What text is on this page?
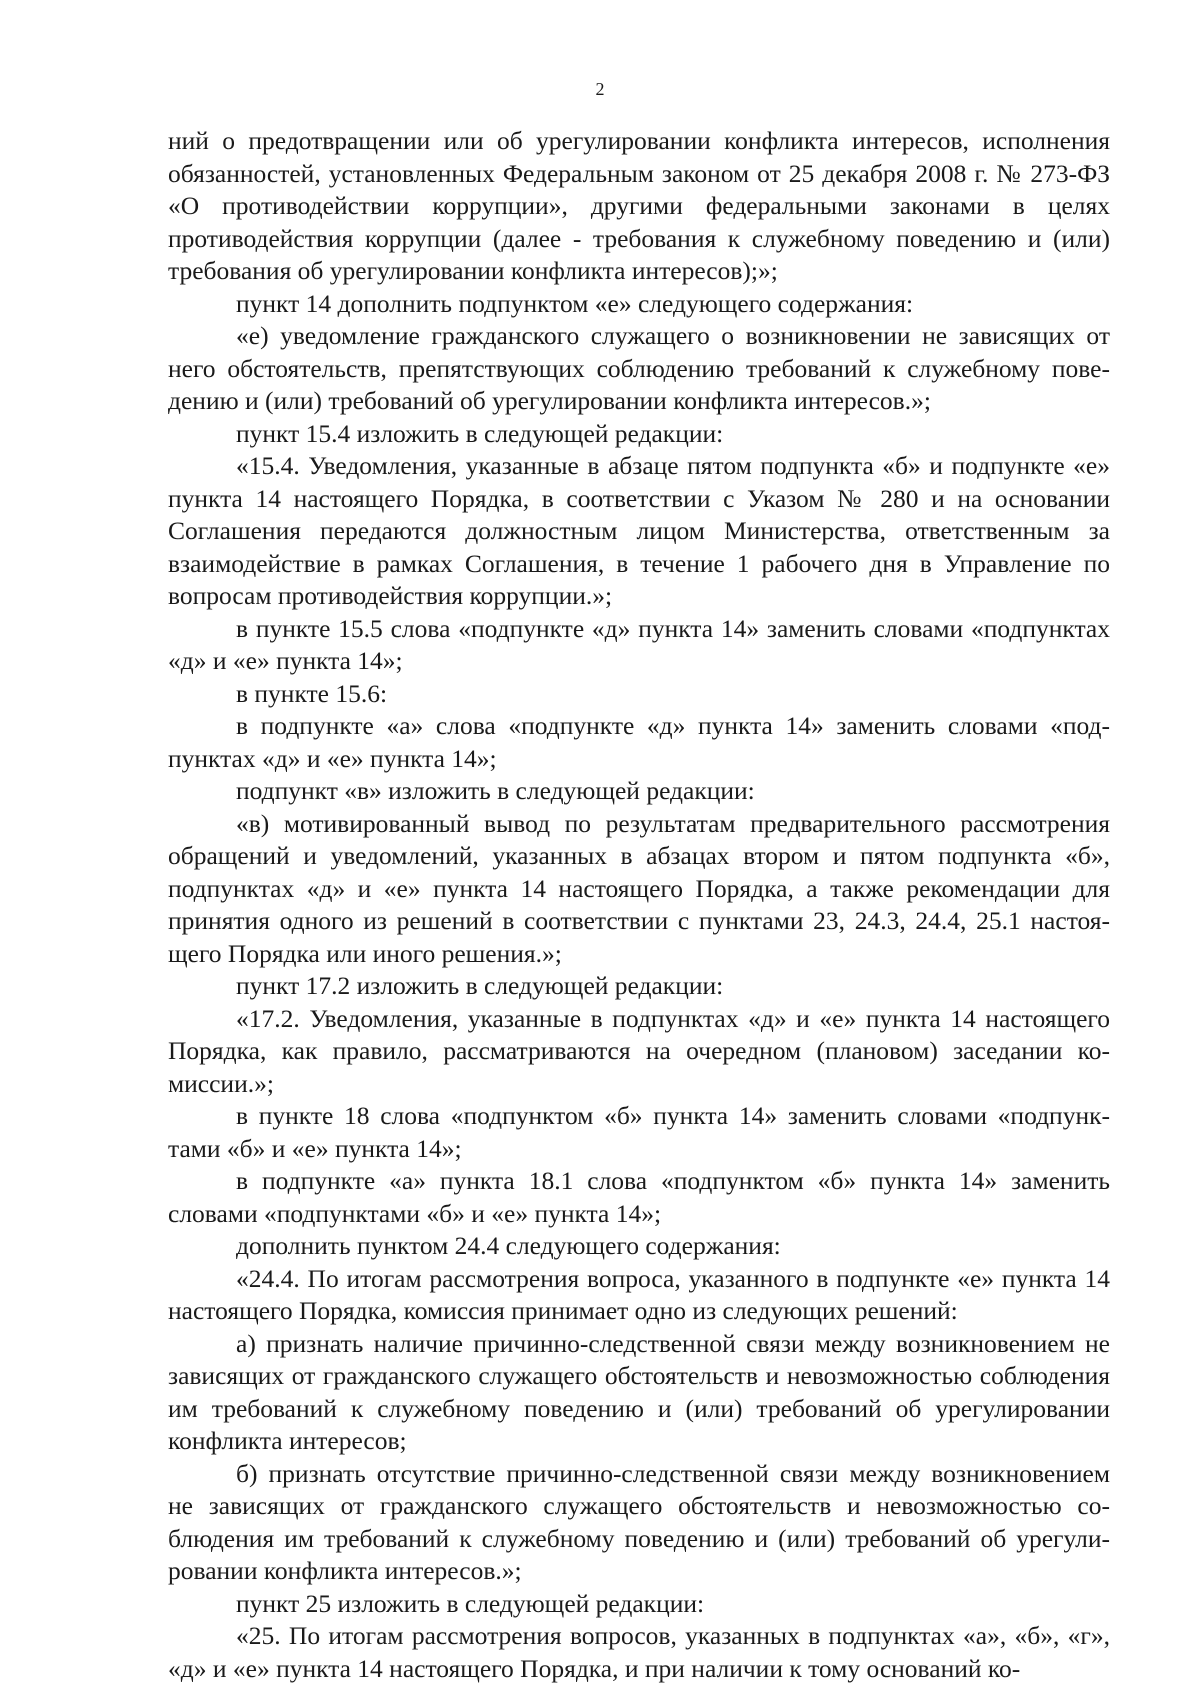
2

ний о предотвращении или об урегулировании конфликта интересов, исполнения обязанностей, установленных Федеральным законом от 25 декабря 2008 г. № 273-ФЗ «О противодействии коррупции», другими федеральными законами в целях противодействия коррупции (далее - требования к служебному поведению и (или) требования об урегулировании конфликта интересов);»;

пункт 14 дополнить подпунктом «е» следующего содержания:

«е) уведомление гражданского служащего о возникновении не зависящих от него обстоятельств, препятствующих соблюдению требований к служебному поведению и (или) требований об урегулировании конфликта интересов.»;

пункт 15.4 изложить в следующей редакции:

«15.4. Уведомления, указанные в абзаце пятом подпункта «б» и подпункте «е» пункта 14 настоящего Порядка, в соответствии с Указом № 280 и на основании Соглашения передаются должностным лицом Министерства, ответственным за взаимодействие в рамках Соглашения, в течение 1 рабочего дня в Управление по вопросам противодействия коррупции.»;

в пункте 15.5 слова «подпункте «д» пункта 14» заменить словами «подпунктах «д» и «е» пункта 14»;

в пункте 15.6:

в подпункте «а» слова «подпункте «д» пункта 14» заменить словами «подпунктах «д» и «е» пункта 14»;

подпункт «в» изложить в следующей редакции:

«в) мотивированный вывод по результатам предварительного рассмотрения обращений и уведомлений, указанных в абзацах втором и пятом подпункта «б», подпунктах «д» и «е» пункта 14 настоящего Порядка, а также рекомендации для принятия одного из решений в соответствии с пунктами 23, 24.3, 24.4, 25.1 настоящего Порядка или иного решения.»;

пункт 17.2 изложить в следующей редакции:

«17.2. Уведомления, указанные в подпунктах «д» и «е» пункта 14 настоящего Порядка, как правило, рассматриваются на очередном (плановом) заседании комиссии.»;

в пункте 18 слова «подпунктом «б» пункта 14» заменить словами «подпунктами «б» и «е» пункта 14»;

в подпункте «а» пункта 18.1 слова «подпунктом «б» пункта 14» заменить словами «подпунктами «б» и «е» пункта 14»;

дополнить пунктом 24.4 следующего содержания:

«24.4. По итогам рассмотрения вопроса, указанного в подпункте «е» пункта 14 настоящего Порядка, комиссия принимает одно из следующих решений:

а) признать наличие причинно-следственной связи между возникновением не зависящих от гражданского служащего обстоятельств и невозможностью соблюдения им требований к служебному поведению и (или) требований об урегулировании конфликта интересов;

б) признать отсутствие причинно-следственной связи между возникновением не зависящих от гражданского служащего обстоятельств и невозможностью соблюдения им требований к служебному поведению и (или) требований об урегулировании конфликта интересов.»;

пункт 25 изложить в следующей редакции:

«25. По итогам рассмотрения вопросов, указанных в подпунктах «а», «б», «г», «д» и «е» пункта 14 настоящего Порядка, и при наличии к тому оснований ко-
